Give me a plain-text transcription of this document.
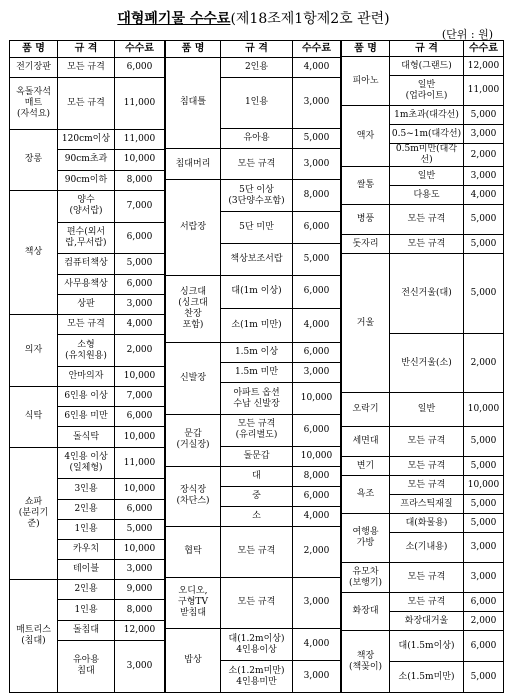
대형폐기물 수수료(제18조제1항제2호 관련)
(단위 : 원)
품 명	규 격	수수료
전기장판	모든 규격	6,000
옥돌자석
매트
(자석요)	모든 규격	11,000
장롱	120cm이상	11,000
	90cm초과	10,000
	90cm이하	8,000
책상	양수
(양서랍)	7,000
	편수(외서
랍,무서랍)	6,000
	컴퓨터책상	5,000
	사무용책상	6,000
	상판	3,000
의자	모든 규격	4,000
	소형
(유치원용)	2,000
	안마의자	10,000
식탁	6인용 이상	7,000
	6인용 미만	6,000
	돌식탁	10,000
쇼파
(분리기
준)	4인용 이상
(일체형)	11,000
	3인용	10,000
	2인용	6,000
	1인용	5,000
	카우치	10,000
	테이블	3,000
매트리스
(침대)	2인용	9,000
	1인용	8,000
	돌침대	12,000
	유아용
침대	3,000
품 명	규 격	수수료
침대틀	2인용	4,000
	1인용	3,000
	유아용	5,000
침대머리	모든 규격	3,000
서랍장	5단 이상
(3단양수포함)	8,000
	5단 미만	6,000
	책상보조서랍	5,000
싱크대
(싱크대
찬장
포함)	대(1m 이상)	6,000
	소(1m 미만)	4,000
신발장	1.5m 이상	6,000
	1.5m 미만	3,000
	아파트 옵션
수납 신발장	10,000
문갑
(거실장)	모든 규격
(유리별도)	6,000
	돌문갑	10,000
장식장
(차단스)	대	8,000
	중	6,000
	소	4,000
협탁	모든 규격	2,000
오디오,
구형TV
받침대	모든 규격	3,000
밥상	대(1.2m이상)
4인용이상	4,000
	소(1.2m미만)
4인용미만	3,000
품 명	규 격	수수료
피아노	대형(그랜드)	12,000
	일반
(업라이트)	11,000
액자	1m초과(대각선)	5,000
	0.5~1m(대각선)	3,000
	0.5m미만(대각선)	2,000
쌀통	일반	3,000
	다용도	4,000
병풍	모든 규격	5,000
돗자리	모든 규격	5,000
거울	전신거울(대)	5,000
	반신거울(소)	2,000
오락기	일반	10,000
세면대	모든 규격	5,000
변기	모든 규격	5,000
욕조	모든 규격	10,000
	프라스틱재질	5,000
여행용
가방	대(화물용)	5,000
	소(기내용)	3,000
유모차
(보행기)	모든 규격	3,000
화장대	모든 규격	6,000
	화장대거울	2,000
책장
(책꽂이)	대(1.5m이상)	6,000
	소(1.5m미만)	5,000
